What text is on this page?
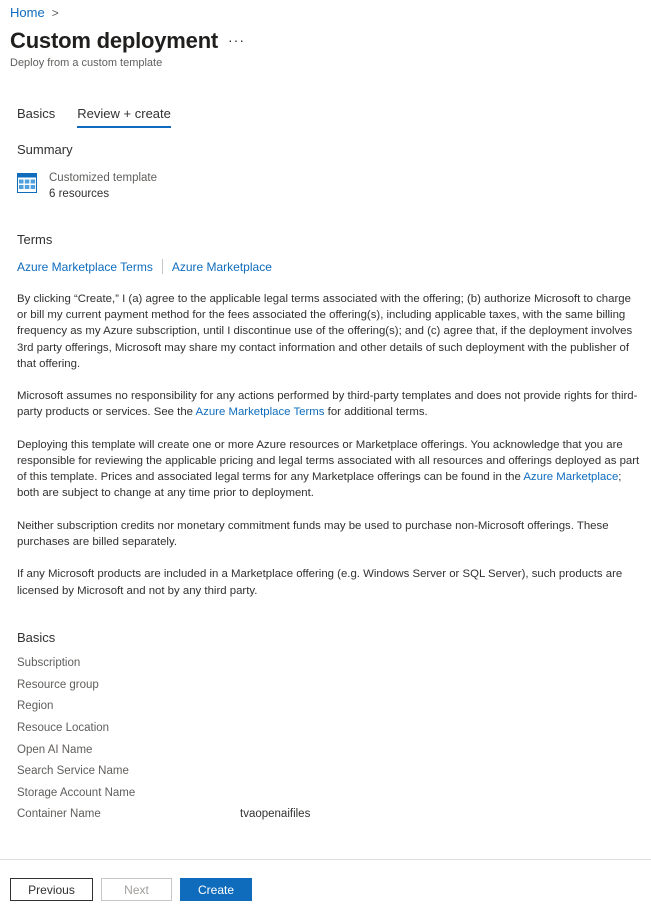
Home >
Custom deployment ···
Deploy from a custom template
Basics Review + create
Summary
Customized template
6 resources
Terms
Azure Marketplace Terms Azure Marketplace

By clicking “Create,” I (a) agree to the applicable legal terms associated with the offering; (b) authorize Microsoft to charge or bill my current payment method for the fees associated the offering(s), including applicable taxes, with the same billing frequency as my Azure subscription, until I discontinue use of the offering(s); and (c) agree that, if the deployment involves 3rd party offerings, Microsoft may share my contact information and other details of such deployment with the publisher of that offering.

Microsoft assumes no responsibility for any actions performed by third-party templates and does not provide rights for third-party products or services. See the Azure Marketplace Terms for additional terms.

Deploying this template will create one or more Azure resources or Marketplace offerings. You acknowledge that you are responsible for reviewing the applicable pricing and legal terms associated with all resources and offerings deployed as part of this template. Prices and associated legal terms for any Marketplace offerings can be found in the Azure Marketplace; both are subject to change at any time prior to deployment.

Neither subscription credits nor monetary commitment funds may be used to purchase non-Microsoft offerings. These purchases are billed separately.

If any Microsoft products are included in a Marketplace offering (e.g. Windows Server or SQL Server), such products are licensed by Microsoft and not by any third party.

Basics
Subscription
Resource group
Region
Resouce Location
Open AI Name
Search Service Name
Storage Account Name
Container Name	tvaopenaifiles
Previous	Next	Create
